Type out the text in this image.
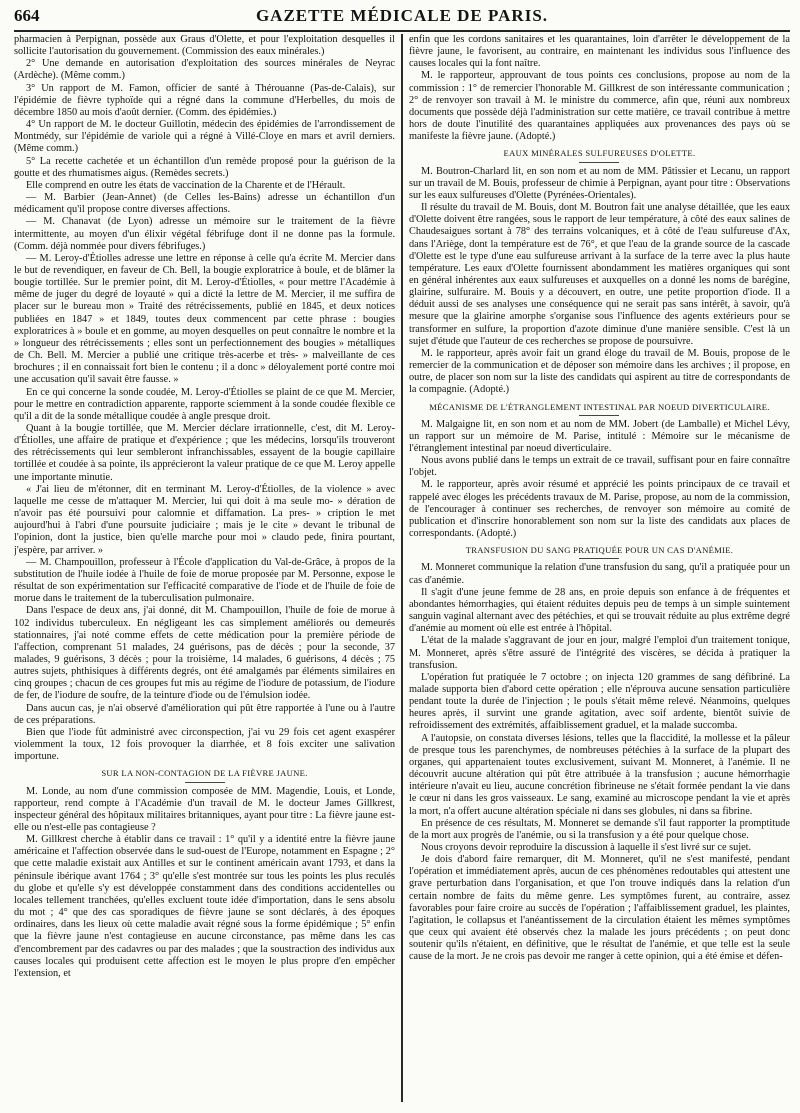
664	GAZETTE MÉDICALE DE PARIS.

pharmacien à Perpignan, possède aux Graus d'Olette, et pour l'exploitation desquelles il sollicite l'autorisation du gouvernement. (Commission des eaux minérales.)

2° Une demande en autorisation d'exploitation des sources minérales de Neyrac (Ardèche). (Même comm.)

3° Un rapport de M. Famon, officier de santé à Thérouanne (Pas-de-Calais), sur l'épidémie de fièvre typhoïde qui a régné dans la commune d'Herbelles, du mois de décembre 1850 au mois d'août dernier. (Comm. des épidémies.)

4° Un rapport de M. le docteur Guillotin, médecin des épidémies de l'arrondissement de Montmédy, sur l'épidémie de variole qui a régné à Villé-Cloye en mars et avril derniers. (Même comm.)

5° La recette cachetée et un échantillon d'un remède proposé pour la guérison de la goutte et des rhumatismes aigus. (Remèdes secrets.)

Elle comprend en outre les états de vaccination de la Charente et de l'Hérault.

— M. Barbier (Jean-Annet) (de Celles les-Bains) adresse un échantillon d'un médicament qu'il propose contre diverses affections.

— M. Chanavat (de Lyon) adresse un mémoire sur le traitement de la fièvre intermittente, au moyen d'un élixir végétal fébrifuge dont il ne donne pas la formule. (Comm. déjà nommée pour divers fébrifuges.)

— M. Leroy-d'Étiolles adresse une lettre en réponse à celle qu'a écrite M. Mercier dans le but de revendiquer, en faveur de Ch. Bell, la bougie exploratrice à boule, et de blâmer la bougie tortillée. Sur le premier point, dit M. Leroy-d'Étiolles, « pour mettre l'Académie à même de juger du degré de loyauté » qui a dicté la lettre de M. Mercier, il me suffira de placer sur le bureau mon » Traité des rétrécissements, publié en 1845, et deux notices publiées en 1847 » et 1849, toutes deux commencent par cette phrase : bougies exploratrices à » boule et en gomme, au moyen desquelles on peut connaître le nombre et la » longueur des rétrécissements ; elles sont un perfectionnement des bougies » métalliques de Ch. Bell. M. Mercier a publié une critique très-acerbe et très- » malveillante de ces brochures ; il en connaissait fort bien le contenu ; il a donc » déloyalement porté contre moi une accusation qu'il savait être fausse. »

En ce qui concerne la sonde coudée, M. Leroy-d'Étiolles se plaint de ce que M. Mercier, pour le mettre en contradiction apparente, rapporte sciemment à la sonde coudée flexible ce qu'il a dit de la sonde métallique coudée à angle presque droit.

Quant à la bougie tortillée, que M. Mercier déclare irrationnelle, c'est, dit M. Leroy-d'Étiolles, une affaire de pratique et d'expérience ; que les médecins, lorsqu'ils trouveront des rétrécissements qui leur sembleront infranchissables, essayent de la bougie capillaire tortillée et coudée à sa pointe, ils apprécieront la valeur pratique de ce que M. Leroy appelle une importante minutie.

« J'ai lieu de m'étonner, dit en terminant M. Leroy-d'Étiolles, de la violence » avec laquelle me cesse de m'attaquer M. Mercier, lui qui doit à ma seule mo- » dération de n'avoir pas été poursuivi pour calomnie et diffamation. La pres- » cription le met aujourd'hui à l'abri d'une poursuite judiciaire ; mais je le cite » devant le tribunal de l'opinion, dont la justice, bien qu'elle marche pour moi » claudo pede, finira pourtant, j'espère, par arriver. »

— M. Champouillon, professeur à l'École d'application du Val-de-Grâce, à propos de la substitution de l'huile iodée à l'huile de foie de morue proposée par M. Personne, expose le résultat de son expérimentation sur l'efficacité comparative de l'iode et de l'huile de foie de morue dans le traitement de la tuberculisation pulmonaire.

Dans l'espace de deux ans, j'ai donné, dit M. Champouillon, l'huile de foie de morue à 102 individus tuberculeux. En négligeant les cas simplement améliorés ou demeurés stationnaires, j'ai noté comme effets de cette médication pour la première période de l'affection, comprenant 51 malades, 24 guérisons, pas de décès ; pour la seconde, 37 malades, 9 guérisons, 3 décès ; pour la troisième, 14 malades, 6 guérisons, 4 décès ; 75 autres sujets, phthisiques à différents degrés, ont été amalgamés par éléments similaires en cinq groupes ; chacun de ces groupes fut mis au régime de l'iodure de potassium, de l'iodure de fer, de l'iodure de soufre, de la teinture d'iode ou de l'émulsion iodée.

Dans aucun cas, je n'ai observé d'amélioration qui pût être rapportée à l'une ou à l'autre de ces préparations.

Bien que l'iode fût administré avec circonspection, j'ai vu 29 fois cet agent exaspérer violemment la toux, 12 fois provoquer la diarrhée, et 8 fois exciter une salivation importune.

SUR LA NON-CONTAGION DE LA FIÈVRE JAUNE.

M. Londe, au nom d'une commission composée de MM. Magendie, Louis, et Londe, rapporteur, rend compte à l'Académie d'un travail de M. le docteur James Gillkrest, inspecteur général des hôpitaux militaires britanniques, ayant pour titre : La fièvre jaune est-elle ou n'est-elle pas contagieuse ?

M. Gillkrest cherche à établir dans ce travail : 1° qu'il y a identité entre la fièvre jaune américaine et l'affection observée dans le sud-ouest de l'Europe, notamment en Espagne ; 2° que cette maladie existait aux Antilles et sur le continent américain avant 1793, et dans la péninsule ibérique avant 1764 ; 3° qu'elle s'est montrée sur tous les points les plus reculés du globe et qu'elle s'y est développée constamment dans des conditions accidentelles ou locales tellement tranchées, qu'elles excluent toute idée d'importation, dans le sens absolu du mot ; 4° que des cas sporadiques de fièvre jaune se sont déclarés, à des époques ordinaires, dans les lieux où cette maladie avait régné sous la forme épidémique ; 5° enfin que la fièvre jaune n'est contagieuse en aucune circonstance, pas même dans les cas d'encombrement par des cadavres ou par des malades ; que la soustraction des individus aux causes locales qui produisent cette affection est le moyen le plus propre d'en empêcher l'extension, et

enfin que les cordons sanitaires et les quarantaines, loin d'arrêter le développement de la fièvre jaune, le favorisent, au contraire, en maintenant les individus sous l'influence des causes locales qui la font naître.

M. le rapporteur, approuvant de tous points ces conclusions, propose au nom de la commission : 1° de remercier l'honorable M. Gillkrest de son intéressante communication ; 2° de renvoyer son travail à M. le ministre du commerce, afin que, réuni aux nombreux documents que possède déjà l'administration sur cette matière, ce travail contribue à mettre hors de doute l'inutilité des quarantaines appliquées aux provenances des pays où se manifeste la fièvre jaune. (Adopté.)

EAUX MINÉRALES SULFUREUSES D'OLETTE.

M. Boutron-Charlard lit, en son nom et au nom de MM. Pâtissier et Lecanu, un rapport sur un travail de M. Bouis, professeur de chimie à Perpignan, ayant pour titre : Observations sur les eaux sulfureuses d'Olette (Pyrénées-Orientales).

Il résulte du travail de M. Bouis, dont M. Boutron fait une analyse détaillée, que les eaux d'Olette doivent être rangées, sous le rapport de leur température, à côté des eaux salines de Chaudesaigues sortant à 78° des terrains volcaniques, et à côté de l'eau sulfureuse d'Ax, dans l'Ariège, dont la température est de 76°, et que l'eau de la grande source de la cascade d'Olette est le type d'une eau sulfureuse arrivant à la surface de la terre avec la plus haute température. Les eaux d'Olette fournissent abondamment les matières organiques qui sont en général inhérentes aux eaux sulfureuses et auxquelles on a donné les noms de barégine, glairine, sulfuraire. M. Bouis y a découvert, en outre, une petite proportion d'iode. Il a déduit aussi de ses analyses une conséquence qui ne serait pas sans intérêt, à savoir, qu'à mesure que la glairine amorphe s'organise sous l'influence des agents extérieurs pour se transformer en sulfure, la proportion d'azote diminue d'une manière sensible. C'est là un sujet d'étude que l'auteur de ces recherches se propose de poursuivre.

M. le rapporteur, après avoir fait un grand éloge du travail de M. Bouis, propose de le remercier de la communication et de déposer son mémoire dans les archives ; il propose, en outre, de placer son nom sur la liste des candidats qui aspirent au titre de correspondants de la compagnie. (Adopté.)

MÉCANISME DE L'ÉTRANGLEMENT INTESTINAL PAR NOEUD DIVERTICULAIRE.

M. Malgaigne lit, en son nom et au nom de MM. Jobert (de Lamballe) et Michel Lévy, un rapport sur un mémoire de M. Parise, intitulé : Mémoire sur le mécanisme de l'étranglement intestinal par noeud diverticulaire.

Nous avons publié dans le temps un extrait de ce travail, suffisant pour en faire connaître l'objet.

M. le rapporteur, après avoir résumé et apprécié les points principaux de ce travail et rappelé avec éloges les précédents travaux de M. Parise, propose, au nom de la commission, de l'encourager à continuer ses recherches, de renvoyer son mémoire au comité de publication et d'inscrire honorablement son nom sur la liste des candidats aux places de correspondants. (Adopté.)

TRANSFUSION DU SANG PRATIQUÉE POUR UN CAS D'ANÉMIE.

M. Monneret communique la relation d'une transfusion du sang, qu'il a pratiquée pour un cas d'anémie.

Il s'agit d'une jeune femme de 28 ans, en proie depuis son enfance à de fréquentes et abondantes hémorrhagies, qui étaient réduites depuis peu de temps à un simple suintement sanguin vaginal alternant avec des pétéchies, et qui se trouvait réduite au plus extrême degré d'anémie au moment où elle est entrée à l'hôpital.

L'état de la malade s'aggravant de jour en jour, malgré l'emploi d'un traitement tonique, M. Monneret, après s'être assuré de l'intégrité des viscères, se décida à pratiquer la transfusion.

L'opération fut pratiquée le 7 octobre ; on injecta 120 grammes de sang défibriné. La malade supporta bien d'abord cette opération ; elle n'éprouva aucune sensation particulière pendant toute la durée de l'injection ; le pouls s'était même relevé. Néanmoins, quelques heures après, il survint une grande agitation, avec soif ardente, bientôt suivie de refroidissement des extrémités, affaiblissement graduel, et la malade succomba.

A l'autopsie, on constata diverses lésions, telles que la flaccidité, la mollesse et la pâleur de presque tous les parenchymes, de nombreuses pétéchies à la surface de la plupart des organes, qui appartenaient toutes exclusivement, suivant M. Monneret, à l'anémie. Il ne découvrit aucune altération qui pût être attribuée à la transfusion ; aucune hémorrhagie intérieure n'avait eu lieu, aucune concrétion fibrineuse ne s'était formée pendant la vie dans le cœur ni dans les gros vaisseaux. Le sang, examiné au microscope pendant la vie et après la mort, n'a offert aucune altération spéciale ni dans ses globules, ni dans sa fibrine.

En présence de ces résultats, M. Monneret se demande s'il faut rapporter la promptitude de la mort aux progrès de l'anémie, ou si la transfusion y a été pour quelque chose.

Nous croyons devoir reproduire la discussion à laquelle il s'est livré sur ce sujet.

Je dois d'abord faire remarquer, dit M. Monneret, qu'il ne s'est manifesté, pendant l'opération et immédiatement après, aucun de ces phénomènes redoutables qui attestent une grave perturbation dans l'organisation, et que l'on trouve indiqués dans la relation d'un certain nombre de faits du même genre. Les symptômes furent, au contraire, assez favorables pour faire croire au succès de l'opération ; l'affaiblissement graduel, les plaintes, l'agitation, le collapsus et l'anéantissement de la circulation étaient les mêmes symptômes que ceux qui avaient été observés chez la malade les jours précédents ; on peut donc soutenir qu'ils n'étaient, en définitive, que le résultat de l'anémie, et que telle est la seule cause de la mort. Je ne crois pas devoir me ranger à cette opinion, qui a été émise et défen-
